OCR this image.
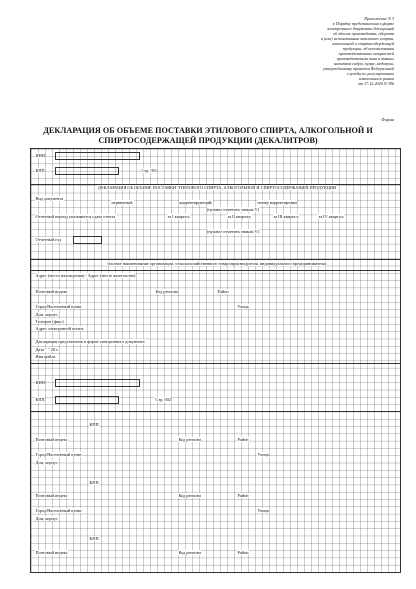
Приложение N 3
к Порядку представления в форме
электронного документа деклараций
об объеме производства, оборота
и (или) использования этилового спирта,
алкогольной и спиртосодержащей
продукции, об использовании
производственных мощностей
производителями пива и пивных
напитков сидра, пуаре, медовухи,
утвержденному приказом Федеральной
службы по регулированию
алкогольного рынка
от 17.12.2020 N 396
Форма
ДЕКЛАРАЦИЯ ОБ ОБЪЕМЕ ПОСТАВКИ ЭТИЛОВОГО СПИРТА, АЛКОГОЛЬНОЙ И СПИРТОСОДЕРЖАЩЕЙ ПРОДУКЦИИ (ДЕКАЛИТРОВ)
ИНН
КПП	Стр. 001
ДЕКЛАРАЦИЯ ОБ ОБЪЕМЕ ПОСТАВКИ ЭТИЛОВОГО СПИРТА, АЛКОГОЛЬНОЙ И СПИРТОСОДЕРЖАЩЕЙ ПРОДУКЦИИ
Вид документа
первичный;	корректирующий;	номер корректировки
(нужное отметить знаком V)
Отчетный период указывается сдача отчета	за I квартал;	за II квартал;	за III квартал;	за IV квартал;
(нужное отметить знаком V)
Отчетный год
(полное наименование организации, сельскохозяйственного товаропроизводителя, индивидуального предпринимателя)
Адрес (место нахождения) / Адрес (место жительства)
Почтовый индекс	Код региона	Район
Город/Населенный пункт	Улица
Дом, корпус
Телефон (факс)
Адрес электронной почты
Декларация представлена в форме электронного документа
Дата " " 20 г.
Имя файла
ИНН
КПП	Стр. 002
КПП
Почтовый индекс	Код региона	Район
Город/Населенный пункт	Улица
Дом, корпус
КПП
Почтовый индекс	Код региона	Район
Город/Населенный пункт	Улица
Дом, корпус
КПП
Почтовый индекс	Код региона	Район
